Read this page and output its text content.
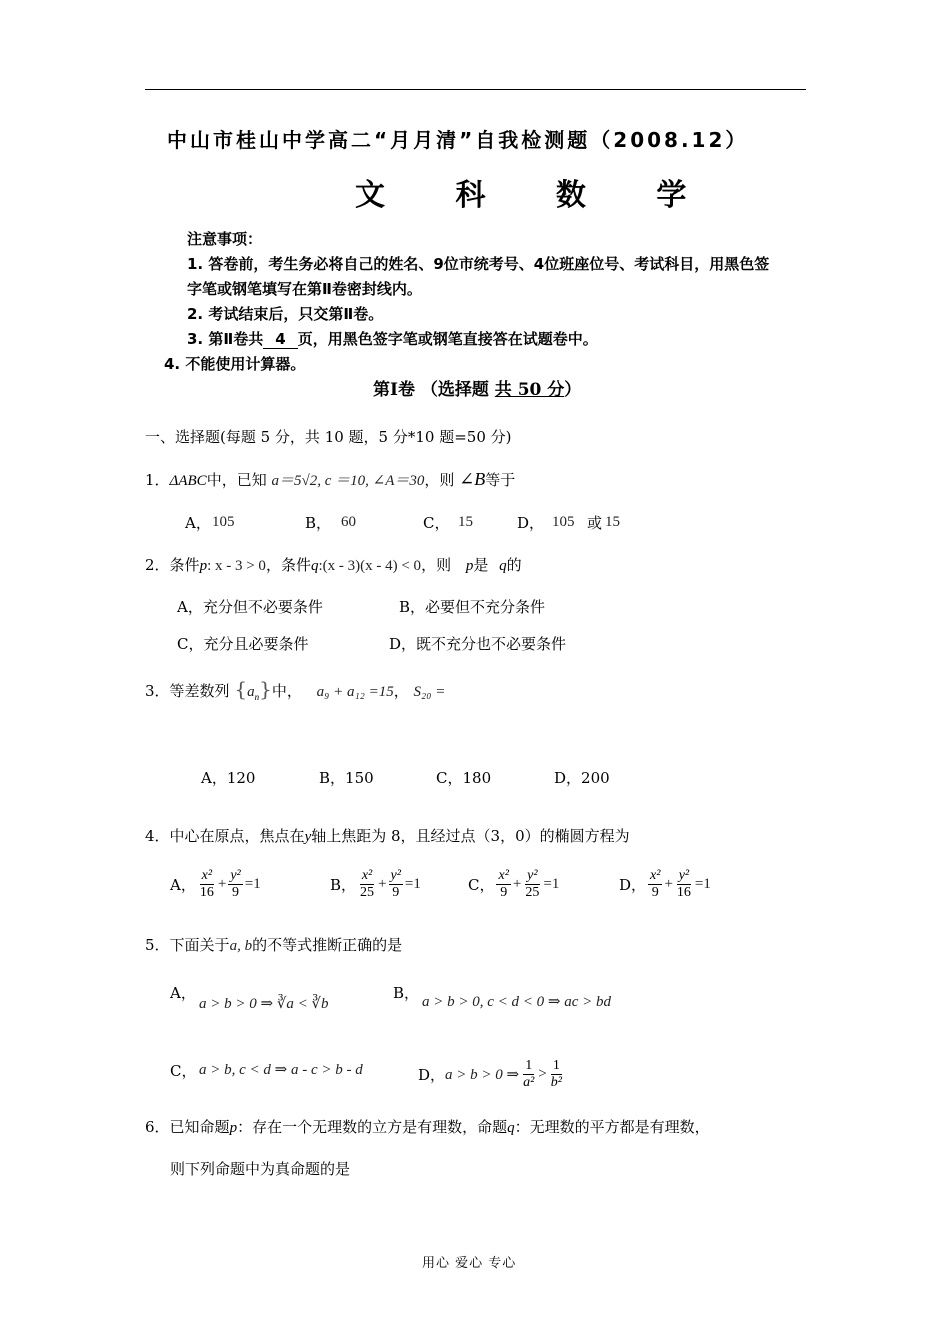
中山市桂山中学高二“月月清”自我检测题（2008.12）
文 科 数 学
注意事项：
1. 答卷前，考生务必将自己的姓名、9位市统考号、4位班座位号、考试科目，用黑色签
字笔或钢笔填写在第Ⅱ卷密封线内。
2. 考试结束后，只交第Ⅱ卷。
3. 第Ⅱ卷共 4 页，用黑色签字笔或钢笔直接答在试题卷中。
4. 不能使用计算器。
第Ⅰ卷 （选择题 共 50 分）
一、选择题(每题 5 分，共 10 题，5 分*10 题=50 分)
1．ΔABC中，已知 a＝5√2, c ＝10, ∠A＝30，则 ∠B等于
A， 105	B， 60	C， 15	D， 105 或 15
2．条件p: x - 3 > 0，条件q:(x - 3)(x - 4) < 0，则 p是 q的
A，充分但不必要条件	B，必要但不充分条件
C，充分且必要条件	D，既不充分也不必要条件
3．等差数列 $\{a_n\}$中， a₉ + a₁₂ =15， S₂₀ =
A，120	B，150	C，180	D，200
4．中心在原点，焦点在y轴上焦距为 8，且经过点（3，0）的椭圆方程为
A， $\frac{\text{x²}}{16} + \frac{\text{y²}}{9} =1$	B， $\frac{\text{x²}}{25} + \frac{\text{y²}}{9} =1$	C， $\frac{\text{x²}}{9} + \frac{\text{y²}}{25} =1$	D， $\frac{\text{x²}}{9} + \frac{\text{y²}}{16} =1$
5．下面关于a, b的不等式推断正确的是
A，
a > b > 0 ⇒ ∛a < ∛b
B， a > b > 0, c < d < 0 ⇒ ac > bd
C， a > b, c < d ⇒ a - c > b - d	D， a > b > 0 ⇒ $\frac{1}{\text{a²}} > \frac{1}{\text{b²}}$
6．已知命题p：存在一个无理数的立方是有理数，命题q：无理数的平方都是有理数，
则下列命题中为真命题的是
用心 爱心 专心
